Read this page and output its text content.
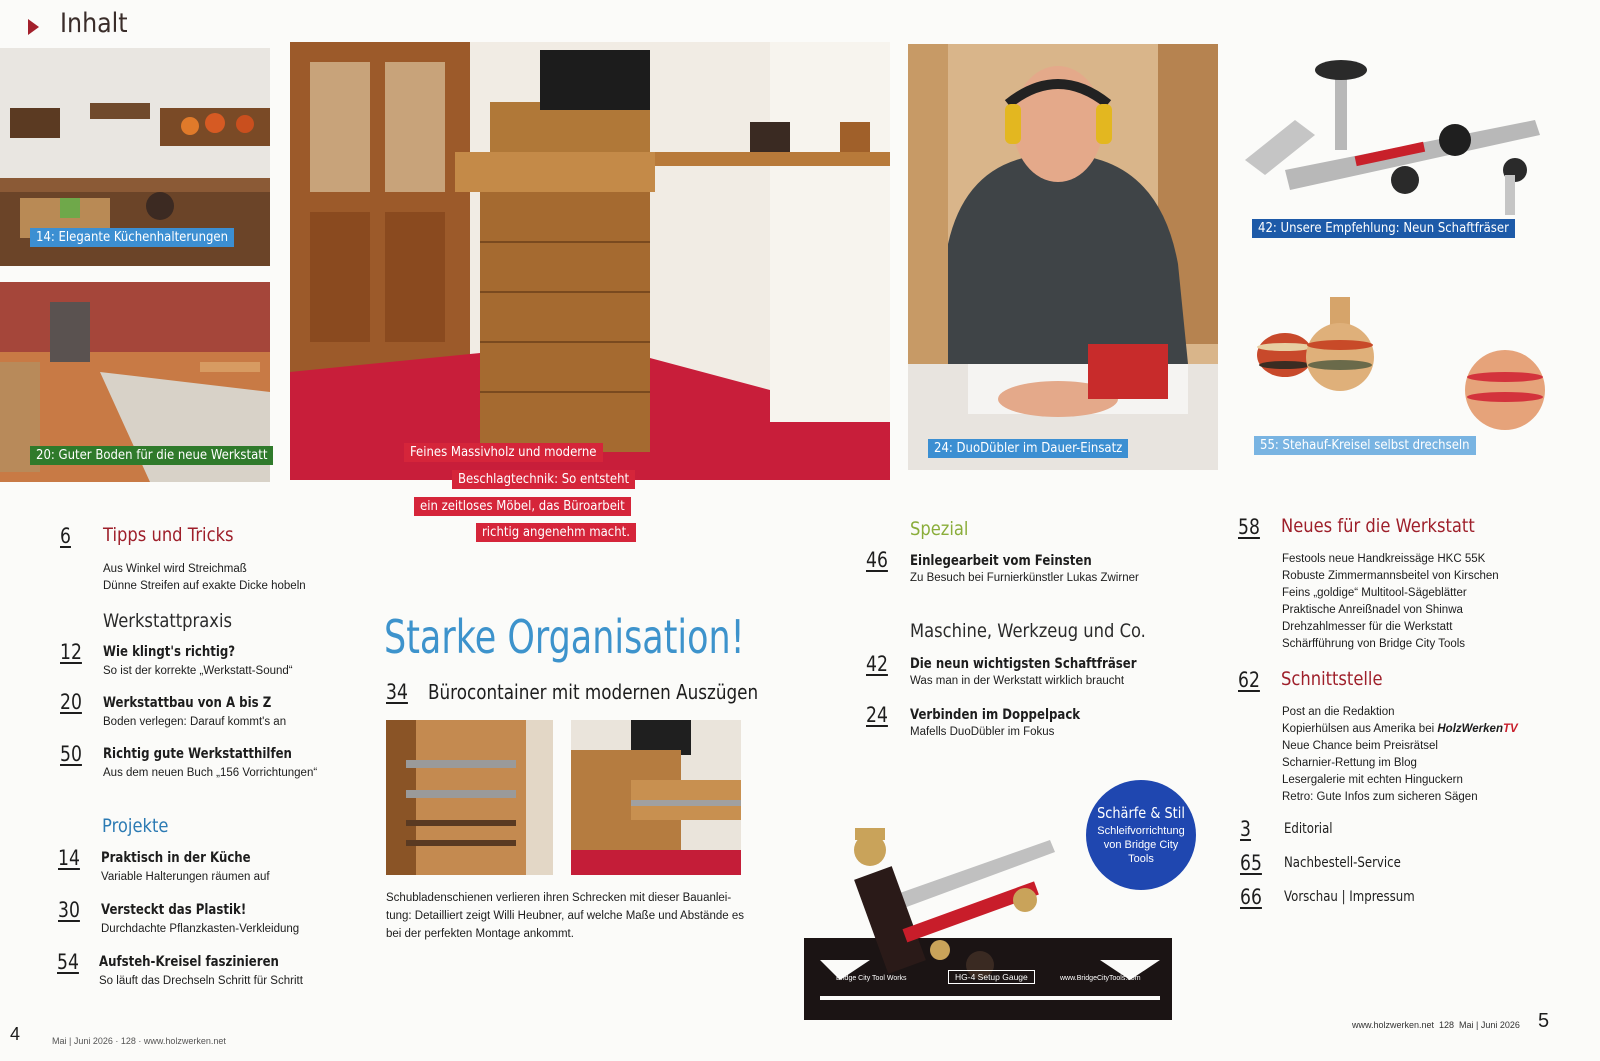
Inhalt
14: Elegante Küchenhalterungen
20: Guter Boden für die neue Werkstatt	Feines Massivholz und moderne
Beschlagtechnik: So entsteht
ein zeitloses Möbel, das Büroarbeit
richtig angenehm macht.
24: DuoDübler im Dauer-Einsatz
42: Unsere Empfehlung: Neun Schaftfräser
55: Stehauf-Kreisel selbst drechseln
6 Tipps und Tricks
Aus Winkel wird Streichmaß
Dünne Streifen auf exakte Dicke hobeln
Werkstattpraxis
12 Wie klingt's richtig?
So ist der korrekte „Werkstatt-Sound“
20 Werkstattbau von A bis Z
Boden verlegen: Darauf kommt's an
50 Richtig gute Werkstatthilfen
Aus dem neuen Buch „156 Vorrichtungen“
Projekte
14 Praktisch in der Küche
Variable Halterungen räumen auf
30 Versteckt das Plastik!
Durchdachte Pflanzkasten-Verkleidung
54 Aufsteh-Kreisel faszinieren
So läuft das Drechseln Schritt für Schritt
Starke Organisation!
34 Bürocontainer mit modernen Auszügen
Schubladenschienen verlieren ihren Schrecken mit dieser Bauanlei-
tung: Detailliert zeigt Willi Heubner, auf welche Maße und Abstände es
bei der perfekten Montage ankommt.
Spezial
46 Einlegearbeit vom Feinsten
Zu Besuch bei Furnierkünstler Lukas Zwirner
Maschine, Werkzeug und Co.
42 Die neun wichtigsten Schaftfräser
Was man in der Werkstatt wirklich braucht
24 Verbinden im Doppelpack
Mafells DuoDübler im Fokus
Bridge City Tool Works	HG-4 Setup Gauge	www.BridgeCityTools.com
Schärfe & Stil
Schleifvorrichtung
von Bridge City
Tools
58 Neues für die Werkstatt
Festools neue Handkreissäge HKC 55K
Robuste Zimmermannsbeitel von Kirschen
Feins „goldige“ Multitool-Sägeblätter
Praktische Anreißnadel von Shinwa
Drehzahlmesser für die Werkstatt
Schärfführung von Bridge City Tools
62 Schnittstelle
Post an die Redaktion
Kopierhülsen aus Amerika bei HolzWerkenTV
Neue Chance beim Preisrätsel
Scharnier-Rettung im Blog
Lesergalerie mit echten Hinguckern
Retro: Gute Infos zum sicheren Sägen
3 Editorial
65 Nachbestell-Service
66 Vorschau | Impressum
4	Mai | Juni 2026 · 128 · www.holzwerken.net
www.holzwerken.net  128  Mai | Juni 2026 5
